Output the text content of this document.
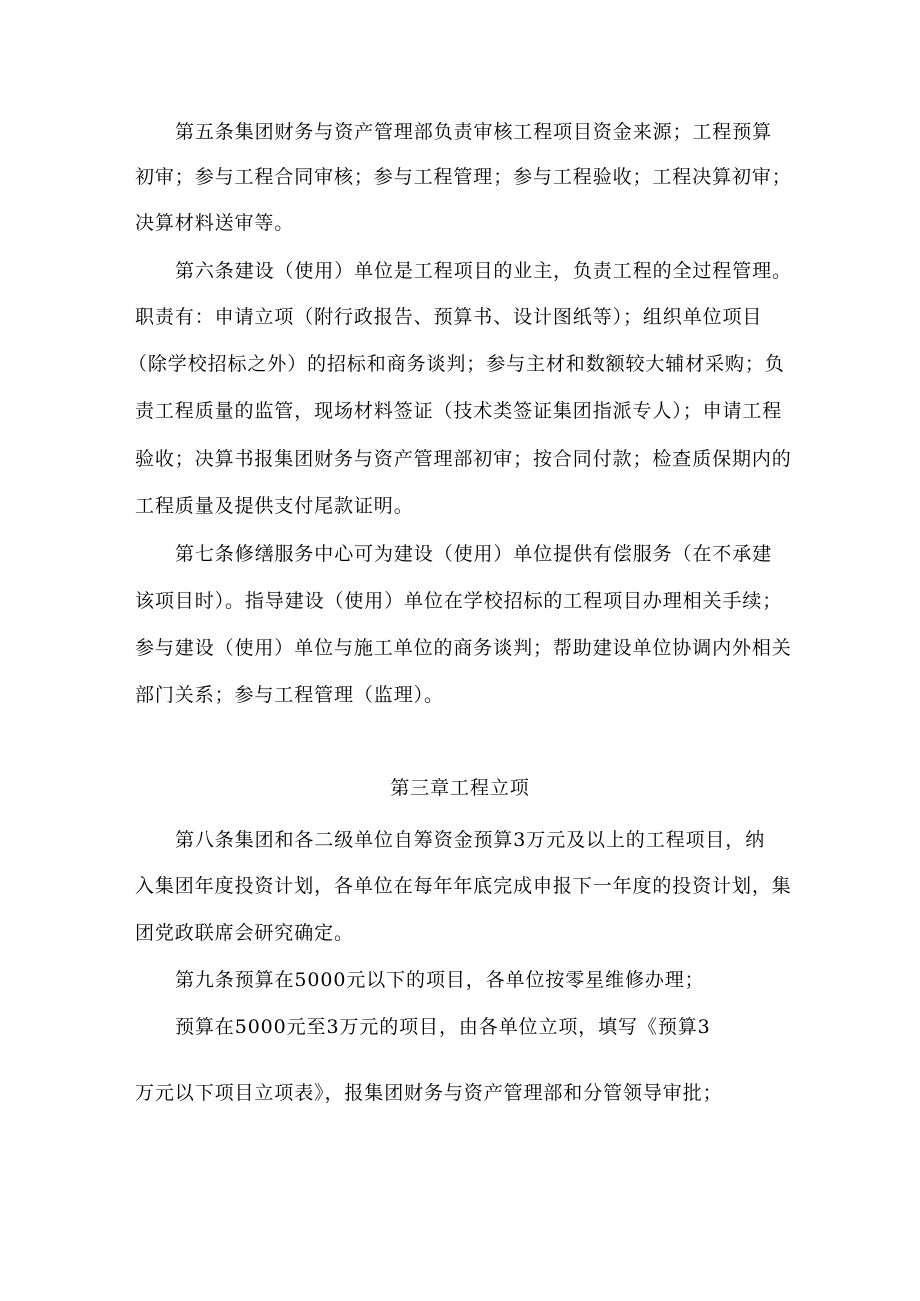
第五条集团财务与资产管理部负责审核工程项目资金来源；工程预算
初审；参与工程合同审核；参与工程管理；参与工程验收；工程决算初审；
决算材料送审等。
第六条建设（使用）单位是工程项目的业主，负责工程的全过程管理。
职责有：申请立项（附行政报告、预算书、设计图纸等）；组织单位项目
（除学校招标之外）的招标和商务谈判；参与主材和数额较大辅材采购；负
责工程质量的监管，现场材料签证（技术类签证集团指派专人）；申请工程
验收；决算书报集团财务与资产管理部初审；按合同付款；检查质保期内的
工程质量及提供支付尾款证明。
第七条修缮服务中心可为建设（使用）单位提供有偿服务（在不承建
该项目时）。指导建设（使用）单位在学校招标的工程项目办理相关手续；
参与建设（使用）单位与施工单位的商务谈判；帮助建设单位协调内外相关
部门关系；参与工程管理（监理）。
第三章工程立项
第八条集团和各二级单位自筹资金预算3万元及以上的工程项目，纳
入集团年度投资计划，各单位在每年年底完成申报下一年度的投资计划，集
团党政联席会研究确定。
第九条预算在5000元以下的项目，各单位按零星维修办理；
预算在5000元至3万元的项目，由各单位立项，填写《预算3
万元以下项目立项表》，报集团财务与资产管理部和分管领导审批；
